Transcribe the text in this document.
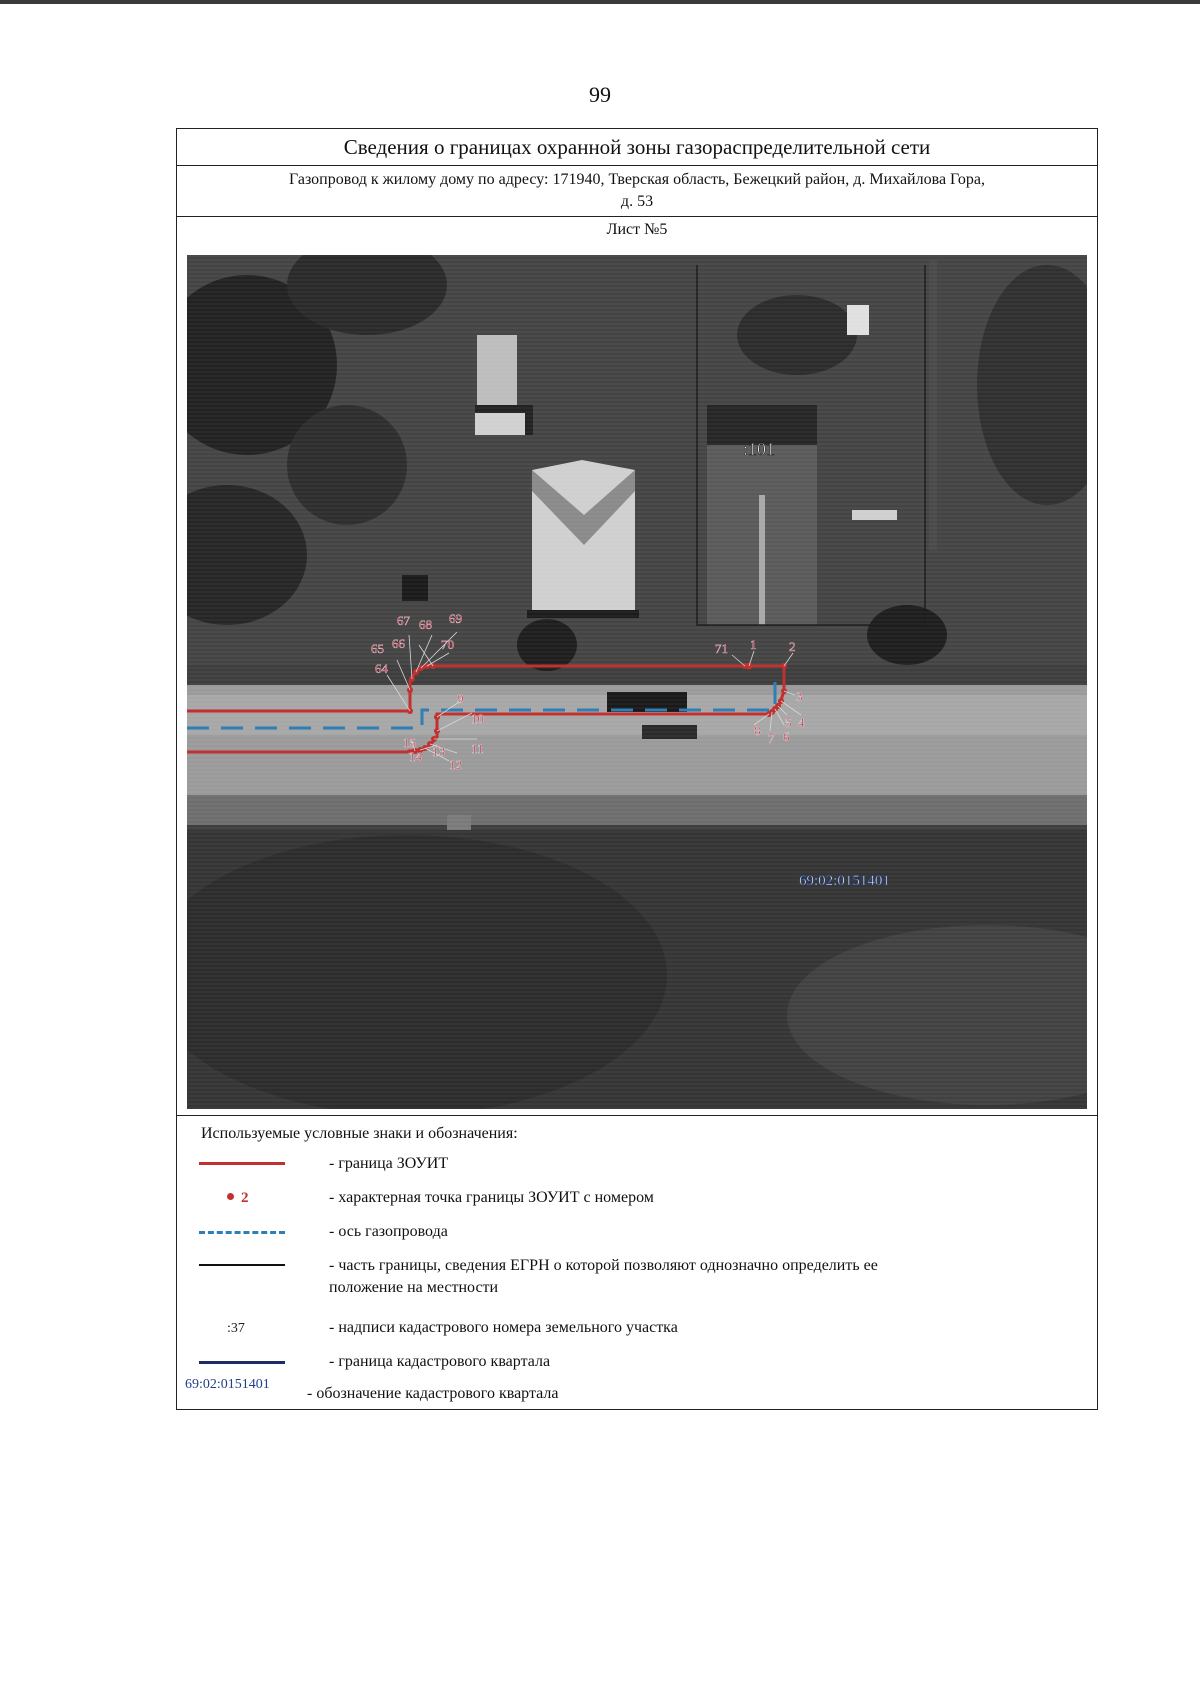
99
Сведения о границах охранной зоны газораспределительной сети
Газопровод к жилому дому по адресу: 171940, Тверская область, Бежецкий район, д. Михайлова Гора,
д. 53
Лист №5
1	2
3
4
5
6
7
8
9
10
11
12
13
14
15
64
65 66
67 68 69
70	71
69:02:0151401
Используемые условные знаки и обозначения:
- граница ЗОУИТ
2	- характерная точка границы ЗОУИТ с номером
- ось газопровода
- часть границы, сведения ЕГРН о которой позволяют однозначно определить ее
положение на местности
:37	- надписи кадастрового номера земельного участка
- граница кадастрового квартала
69:02:0151401
- обозначение кадастрового квартала
